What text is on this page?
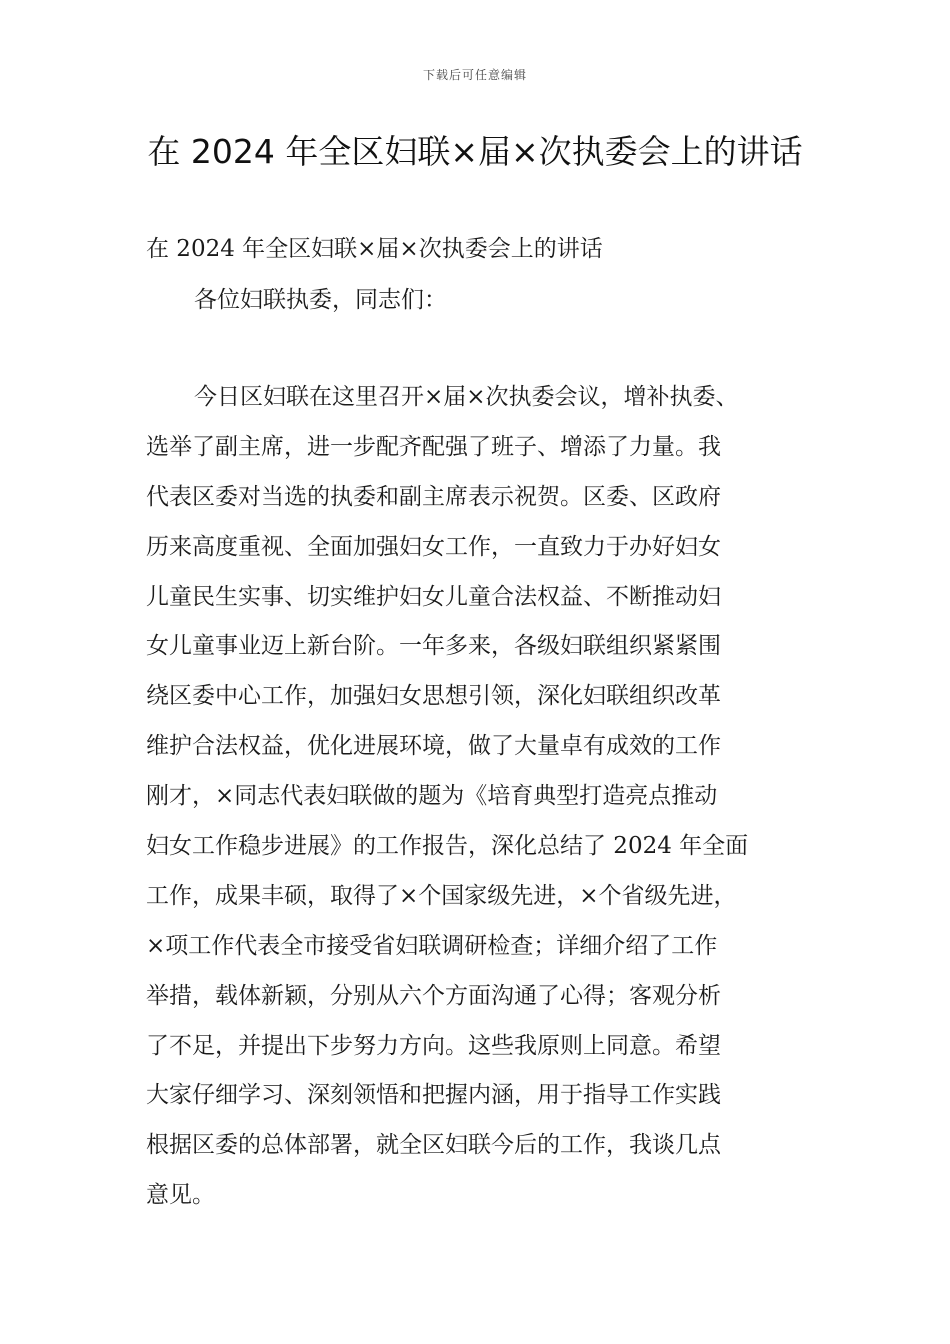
下载后可任意编辑
在 2024 年全区妇联×届×次执委会上的讲话
在 2024 年全区妇联×届×次执委会上的讲话
各位妇联执委，同志们：
今日区妇联在这里召开×届×次执委会议，增补执委、
选举了副主席，进一步配齐配强了班子、增添了力量。我
代表区委对当选的执委和副主席表示祝贺。区委、区政府
历来高度重视、全面加强妇女工作，一直致力于办好妇女
儿童民生实事、切实维护妇女儿童合法权益、不断推动妇
女儿童事业迈上新台阶。一年多来，各级妇联组织紧紧围
绕区委中心工作，加强妇女思想引领，深化妇联组织改革
维护合法权益，优化进展环境，做了大量卓有成效的工作
刚才，×同志代表妇联做的题为《培育典型打造亮点推动
妇女工作稳步进展》的工作报告，深化总结了 2024 年全面
工作，成果丰硕，取得了×个国家级先进，×个省级先进，
×项工作代表全市接受省妇联调研检查；详细介绍了工作
举措，载体新颖，分别从六个方面沟通了心得；客观分析
了不足，并提出下步努力方向。这些我原则上同意。希望
大家仔细学习、深刻领悟和把握内涵，用于指导工作实践
根据区委的总体部署，就全区妇联今后的工作，我谈几点
意见。
